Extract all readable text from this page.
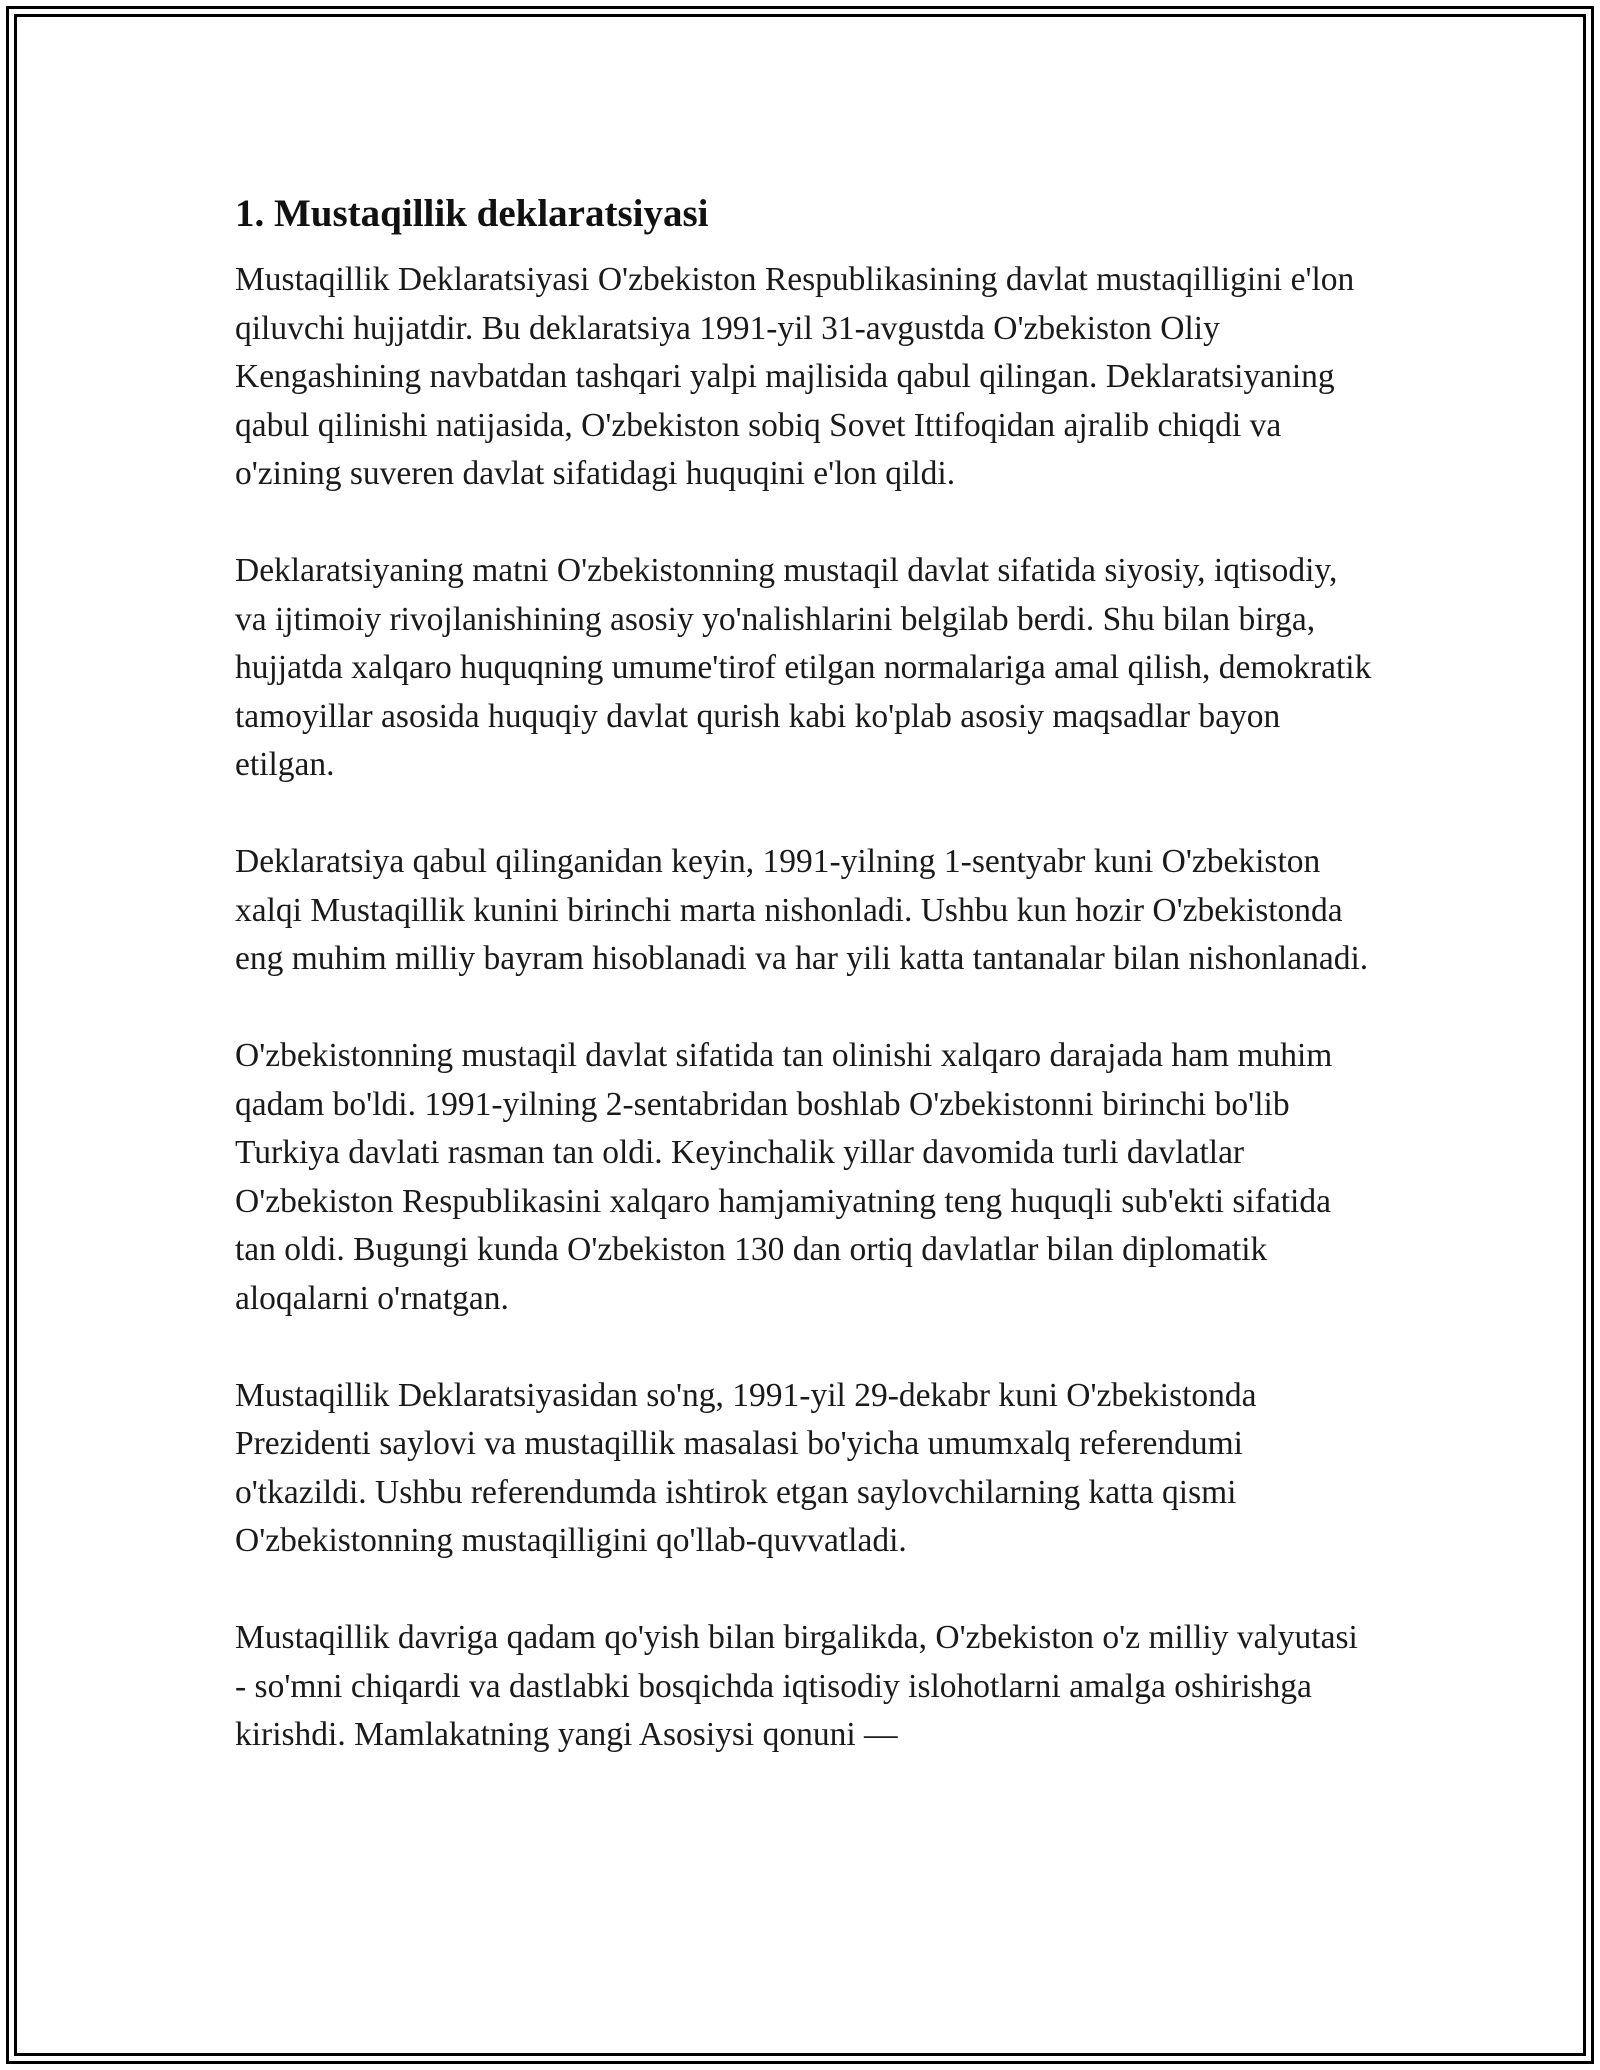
1. Mustaqillik deklaratsiyasi

Mustaqillik Deklaratsiyasi O'zbekiston Respublikasining davlat mustaqilligini e'lon qiluvchi hujjatdir. Bu deklaratsiya 1991-yil 31-avgustda O'zbekiston Oliy Kengashining navbatdan tashqari yalpi majlisida qabul qilingan. Deklaratsiyaning qabul qilinishi natijasida, O'zbekiston sobiq Sovet Ittifoqidan ajralib chiqdi va o'zining suveren davlat sifatidagi huquqini e'lon qildi.

Deklaratsiyaning matni O'zbekistonning mustaqil davlat sifatida siyosiy, iqtisodiy, va ijtimoiy rivojlanishining asosiy yo'nalishlarini belgilab berdi. Shu bilan birga, hujjatda xalqaro huquqning umume'tirof etilgan normalariga amal qilish, demokratik tamoyillar asosida huquqiy davlat qurish kabi ko'plab asosiy maqsadlar bayon etilgan.

Deklaratsiya qabul qilinganidan keyin, 1991-yilning 1-sentyabr kuni O'zbekiston xalqi Mustaqillik kunini birinchi marta nishonladi. Ushbu kun hozir O'zbekistonda eng muhim milliy bayram hisoblanadi va har yili katta tantanalar bilan nishonlanadi.

O'zbekistonning mustaqil davlat sifatida tan olinishi xalqaro darajada ham muhim qadam bo'ldi. 1991-yilning 2-sentabridan boshlab O'zbekistonni birinchi bo'lib Turkiya davlati rasman tan oldi. Keyinchalik yillar davomida turli davlatlar O'zbekiston Respublikasini xalqaro hamjamiyatning teng huquqli sub'ekti sifatida tan oldi. Bugungi kunda O'zbekiston 130 dan ortiq davlatlar bilan diplomatik aloqalarni o'rnatgan.

Mustaqillik Deklaratsiyasidan so'ng, 1991-yil 29-dekabr kuni O'zbekistonda Prezidenti saylovi va mustaqillik masalasi bo'yicha umumxalq referendumi o'tkazildi. Ushbu referendumda ishtirok etgan saylovchilarning katta qismi O'zbekistonning mustaqilligini qo'llab-quvvatladi.

Mustaqillik davriga qadam qo'yish bilan birgalikda, O'zbekiston o'z milliy valyutasi - so'mni chiqardi va dastlabki bosqichda iqtisodiy islohotlarni amalga oshirishga kirishdi. Mamlakatning yangi Asosiysi qonuni —
